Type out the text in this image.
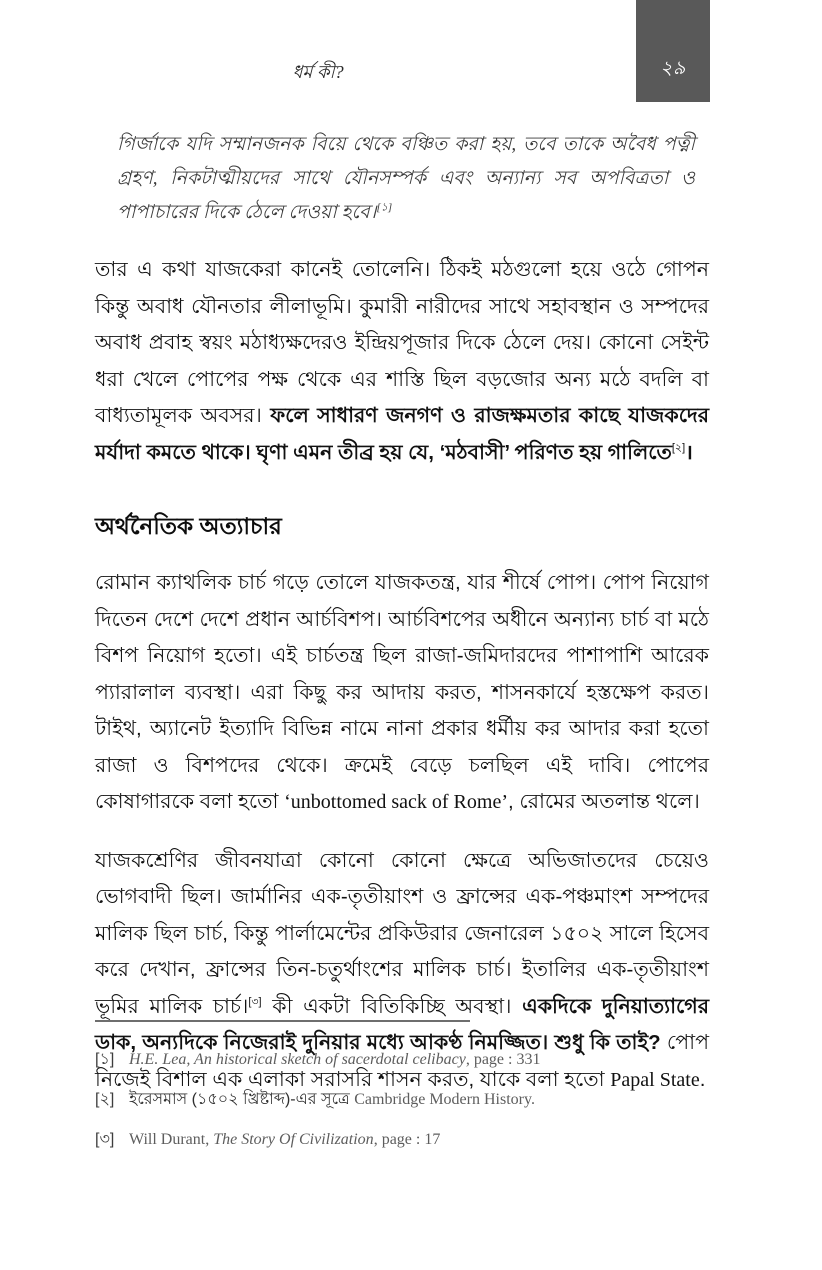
২৯
ধর্ম কী?

গির্জাকে যদি সম্মানজনক বিয়ে থেকে বঞ্চিত করা হয়, তবে তাকে অবৈধ পত্নী গ্রহণ, নিকটাত্মীয়দের সাথে যৌনসম্পর্ক এবং অন্যান্য সব অপবিত্রতা ও পাপাচারের দিকে ঠেলে দেওয়া হবে।[১]

তার এ কথা যাজকেরা কানেই তোলেনি। ঠিকই মঠগুলো হয়ে ওঠে গোপন কিন্তু অবাধ যৌনতার লীলাভূমি। কুমারী নারীদের সাথে সহাবস্থান ও সম্পদের অবাধ প্রবাহ স্বয়ং মঠাধ্যক্ষদেরও ইন্দ্রিয়পূজার দিকে ঠেলে দেয়। কোনো সেইন্ট ধরা খেলে পোপের পক্ষ থেকে এর শাস্তি ছিল বড়জোর অন্য মঠে বদলি বা বাধ্যতামূলক অবসর। ফলে সাধারণ জনগণ ও রাজক্ষমতার কাছে যাজকদের মর্যাদা কমতে থাকে। ঘৃণা এমন তীব্র হয় যে, ‘মঠবাসী’ পরিণত হয় গালিতে[২]।

অর্থনৈতিক অত্যাচার

রোমান ক্যাথলিক চার্চ গড়ে তোলে যাজকতন্ত্র, যার শীর্ষে পোপ। পোপ নিয়োগ দিতেন দেশে দেশে প্রধান আর্চবিশপ। আর্চবিশপের অধীনে অন্যান্য চার্চ বা মঠে বিশপ নিয়োগ হতো। এই চার্চতন্ত্র ছিল রাজা-জমিদারদের পাশাপাশি আরেক প্যারালাল ব্যবস্থা। এরা কিছু কর আদায় করত, শাসনকার্যে হস্তক্ষেপ করত। টাইথ, অ্যানেট ইত্যাদি বিভিন্ন নামে নানা প্রকার ধর্মীয় কর আদার করা হতো রাজা ও বিশপদের থেকে। ক্রমেই বেড়ে চলছিল এই দাবি। পোপের কোষাগারকে বলা হতো ‘unbottomed sack of Rome’, রোমের অতলান্ত থলে।

যাজকশ্রেণির জীবনযাত্রা কোনো কোনো ক্ষেত্রে অভিজাতদের চেয়েও ভোগবাদী ছিল। জার্মানির এক-তৃতীয়াংশ ও ফ্রান্সের এক-পঞ্চমাংশ সম্পদের মালিক ছিল চার্চ, কিন্তু পার্লামেন্টের প্রকিউরার জেনারেল ১৫০২ সালে হিসেব করে দেখান, ফ্রান্সের তিন-চতুর্থাংশের মালিক চার্চ। ইতালির এক-তৃতীয়াংশ ভূমির মালিক চার্চ।[৩] কী একটা বিতিকিচ্ছি অবস্থা। একদিকে দুনিয়াত্যাগের ডাক, অন্যদিকে নিজেরাই দুনিয়ার মধ্যে আকণ্ঠ নিমজ্জিত। শুধু কি তাই? পোপ নিজেই বিশাল এক এলাকা সরাসরি শাসন করত, যাকে বলা হতো Papal State.

[১] H.E. Lea, An historical sketch of sacerdotal celibacy, page : 331
[২] ইরেসমাস (১৫০২ খ্রিষ্টাব্দ)-এর সূত্রে Cambridge Modern History.
[৩] Will Durant, The Story Of Civilization, page : 17
